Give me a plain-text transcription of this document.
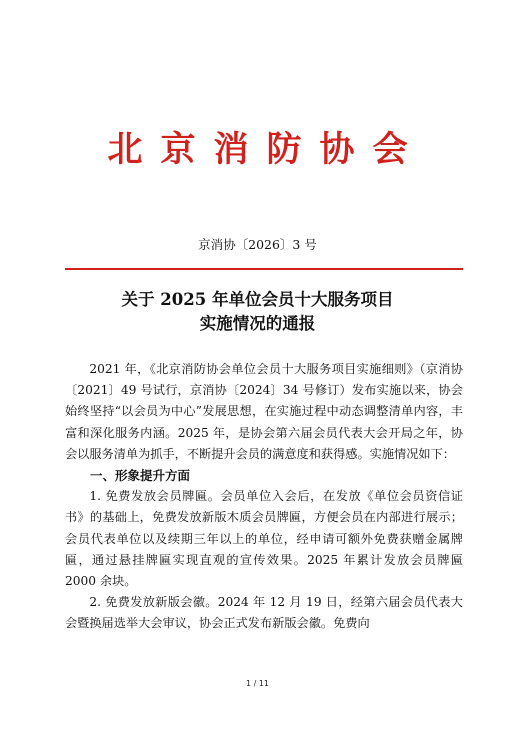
北京消防协会
京消协〔2026〕3 号
关于 2025 年单位会员十大服务项目
实施情况的通报

2021 年，《北京消防协会单位会员十大服务项目实施细则》（京消协〔2021〕49 号试行，京消协〔2024〕34 号修订）发布实施以来，协会始终坚持“以会员为中心”发展思想，在实施过程中动态调整清单内容，丰富和深化服务内涵。2025 年，是协会第六届会员代表大会开局之年，协会以服务清单为抓手，不断提升会员的满意度和获得感。实施情况如下：

一、形象提升方面

1. 免费发放会员牌匾。会员单位入会后，在发放《单位会员资信证书》的基础上，免费发放新版木质会员牌匾，方便会员在内部进行展示；会员代表单位以及续期三年以上的单位，经申请可额外免费获赠金属牌匾，通过悬挂牌匾实现直观的宣传效果。2025 年累计发放会员牌匾 2000 余块。

2. 免费发放新版会徽。2024 年 12 月 19 日，经第六届会员代表大会暨换届选举大会审议，协会正式发布新版会徽。免费向

1 / 11
